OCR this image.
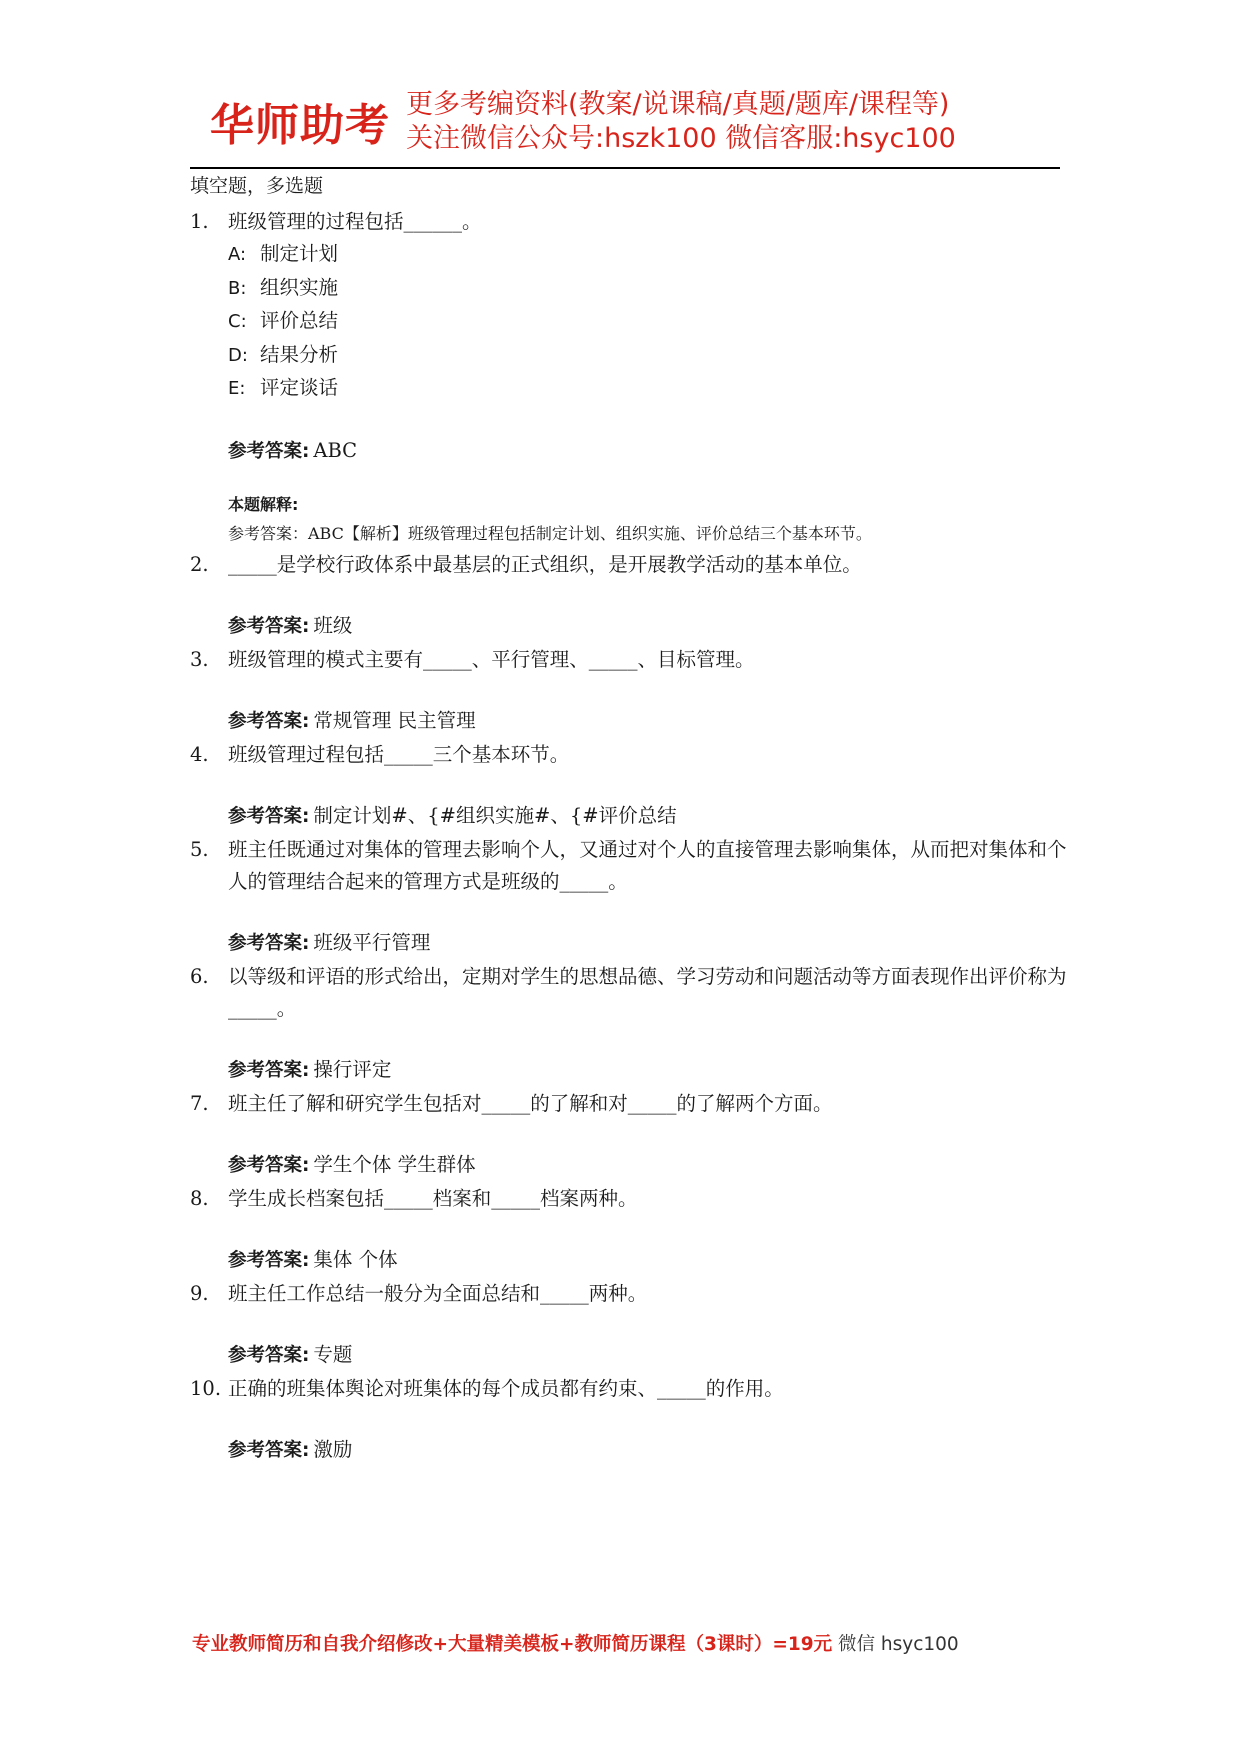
华师助考 更多考编资料(教案/说课稿/真题/题库/课程等)
关注微信公众号:hszk100 微信客服:hsyc100
填空题，多选题
1. 班级管理的过程包括______。
A: 制定计划
B: 组织实施
C: 评价总结
D: 结果分析
E: 评定谈话
参考答案: ABC
本题解释:
参考答案：ABC【解析】班级管理过程包括制定计划、组织实施、评价总结三个基本环节。
2. _____是学校行政体系中最基层的正式组织，是开展教学活动的基本单位。
参考答案: 班级
3. 班级管理的模式主要有_____、平行管理、_____、目标管理。
参考答案: 常规管理 民主管理
4. 班级管理过程包括_____三个基本环节。
参考答案: 制定计划#、{#组织实施#、{#评价总结
5. 班主任既通过对集体的管理去影响个人，又通过对个人的直接管理去影响集体，从而把对集体和个人的管理结合起来的管理方式是班级的_____。
参考答案: 班级平行管理
6. 以等级和评语的形式给出，定期对学生的思想品德、学习劳动和问题活动等方面表现作出评价称为_____。
参考答案: 操行评定
7. 班主任了解和研究学生包括对_____的了解和对_____的了解两个方面。
参考答案: 学生个体 学生群体
8. 学生成长档案包括_____档案和_____档案两种。
参考答案: 集体 个体
9. 班主任工作总结一般分为全面总结和_____两种。
参考答案: 专题
10. 正确的班集体舆论对班集体的每个成员都有约束、_____的作用。
参考答案: 激励
专业教师简历和自我介绍修改+大量精美模板+教师简历课程（3课时）=19元 微信 hsyc100
